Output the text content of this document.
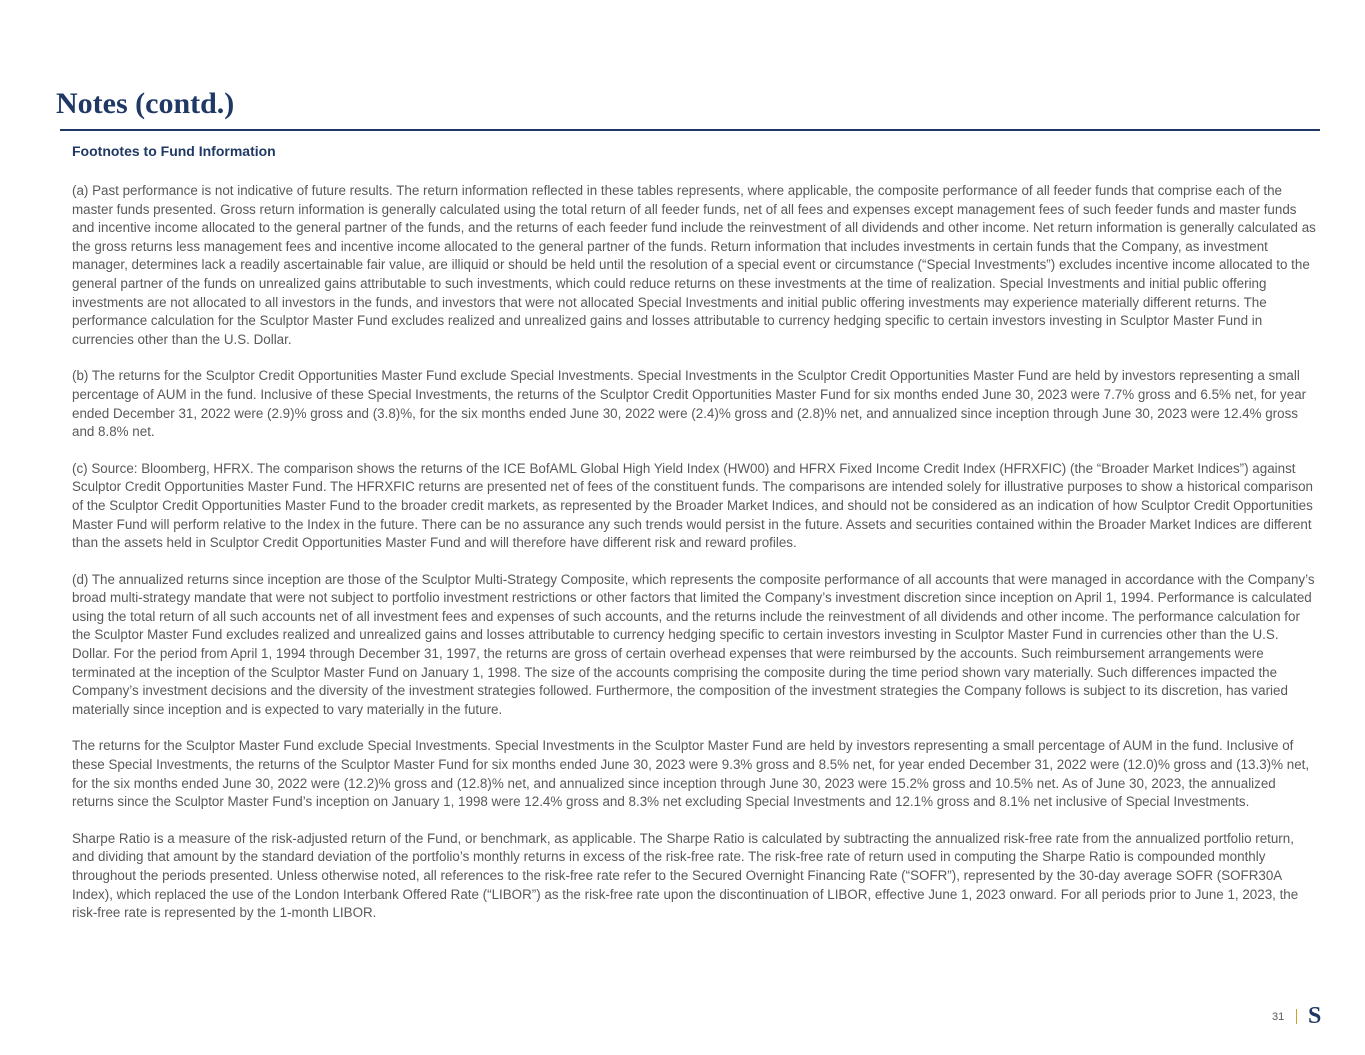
Notes (contd.)
Footnotes to Fund Information

(a) Past performance is not indicative of future results. The return information reflected in these tables represents, where applicable, the composite performance of all feeder funds that comprise each of the master funds presented. Gross return information is generally calculated using the total return of all feeder funds, net of all fees and expenses except management fees of such feeder funds and master funds and incentive income allocated to the general partner of the funds, and the returns of each feeder fund include the reinvestment of all dividends and other income. Net return information is generally calculated as the gross returns less management fees and incentive income allocated to the general partner of the funds. Return information that includes investments in certain funds that the Company, as investment manager, determines lack a readily ascertainable fair value, are illiquid or should be held until the resolution of a special event or circumstance (“Special Investments”) excludes incentive income allocated to the general partner of the funds on unrealized gains attributable to such investments, which could reduce returns on these investments at the time of realization. Special Investments and initial public offering investments are not allocated to all investors in the funds, and investors that were not allocated Special Investments and initial public offering investments may experience materially different returns. The performance calculation for the Sculptor Master Fund excludes realized and unrealized gains and losses attributable to currency hedging specific to certain investors investing in Sculptor Master Fund in currencies other than the U.S. Dollar.

(b) The returns for the Sculptor Credit Opportunities Master Fund exclude Special Investments. Special Investments in the Sculptor Credit Opportunities Master Fund are held by investors representing a small percentage of AUM in the fund. Inclusive of these Special Investments, the returns of the Sculptor Credit Opportunities Master Fund for six months ended June 30, 2023 were 7.7% gross and 6.5% net, for year ended December 31, 2022 were (2.9)% gross and (3.8)%, for the six months ended June 30, 2022 were (2.4)% gross and (2.8)% net, and annualized since inception through June 30, 2023 were 12.4% gross and 8.8% net.

(c) Source: Bloomberg, HFRX. The comparison shows the returns of the ICE BofAML Global High Yield Index (HW00) and HFRX Fixed Income Credit Index (HFRXFIC) (the “Broader Market Indices”) against Sculptor Credit Opportunities Master Fund. The HFRXFIC returns are presented net of fees of the constituent funds. The comparisons are intended solely for illustrative purposes to show a historical comparison of the Sculptor Credit Opportunities Master Fund to the broader credit markets, as represented by the Broader Market Indices, and should not be considered as an indication of how Sculptor Credit Opportunities Master Fund will perform relative to the Index in the future. There can be no assurance any such trends would persist in the future. Assets and securities contained within the Broader Market Indices are different than the assets held in Sculptor Credit Opportunities Master Fund and will therefore have different risk and reward profiles.

(d) The annualized returns since inception are those of the Sculptor Multi-Strategy Composite, which represents the composite performance of all accounts that were managed in accordance with the Company’s broad multi-strategy mandate that were not subject to portfolio investment restrictions or other factors that limited the Company’s investment discretion since inception on April 1, 1994. Performance is calculated using the total return of all such accounts net of all investment fees and expenses of such accounts, and the returns include the reinvestment of all dividends and other income. The performance calculation for the Sculptor Master Fund excludes realized and unrealized gains and losses attributable to currency hedging specific to certain investors investing in Sculptor Master Fund in currencies other than the U.S. Dollar. For the period from April 1, 1994 through December 31, 1997, the returns are gross of certain overhead expenses that were reimbursed by the accounts. Such reimbursement arrangements were terminated at the inception of the Sculptor Master Fund on January 1, 1998. The size of the accounts comprising the composite during the time period shown vary materially. Such differences impacted the Company’s investment decisions and the diversity of the investment strategies followed. Furthermore, the composition of the investment strategies the Company follows is subject to its discretion, has varied materially since inception and is expected to vary materially in the future.

The returns for the Sculptor Master Fund exclude Special Investments. Special Investments in the Sculptor Master Fund are held by investors representing a small percentage of AUM in the fund. Inclusive of these Special Investments, the returns of the Sculptor Master Fund for six months ended June 30, 2023 were 9.3% gross and 8.5% net, for year ended December 31, 2022 were (12.0)% gross and (13.3)% net, for the six months ended June 30, 2022 were (12.2)% gross and (12.8)% net, and annualized since inception through June 30, 2023 were 15.2% gross and 10.5% net. As of June 30, 2023, the annualized returns since the Sculptor Master Fund’s inception on January 1, 1998 were 12.4% gross and 8.3% net excluding Special Investments and 12.1% gross and 8.1% net inclusive of Special Investments.

Sharpe Ratio is a measure of the risk-adjusted return of the Fund, or benchmark, as applicable. The Sharpe Ratio is calculated by subtracting the annualized risk-free rate from the annualized portfolio return, and dividing that amount by the standard deviation of the portfolio’s monthly returns in excess of the risk-free rate. The risk-free rate of return used in computing the Sharpe Ratio is compounded monthly throughout the periods presented. Unless otherwise noted, all references to the risk-free rate refer to the Secured Overnight Financing Rate (“SOFR”), represented by the 30-day average SOFR (SOFR30A Index), which replaced the use of the London Interbank Offered Rate (“LIBOR”) as the risk-free rate upon the discontinuation of LIBOR, effective June 1, 2023 onward. For all periods prior to June 1, 2023, the risk-free rate is represented by the 1-month LIBOR.

31 S
